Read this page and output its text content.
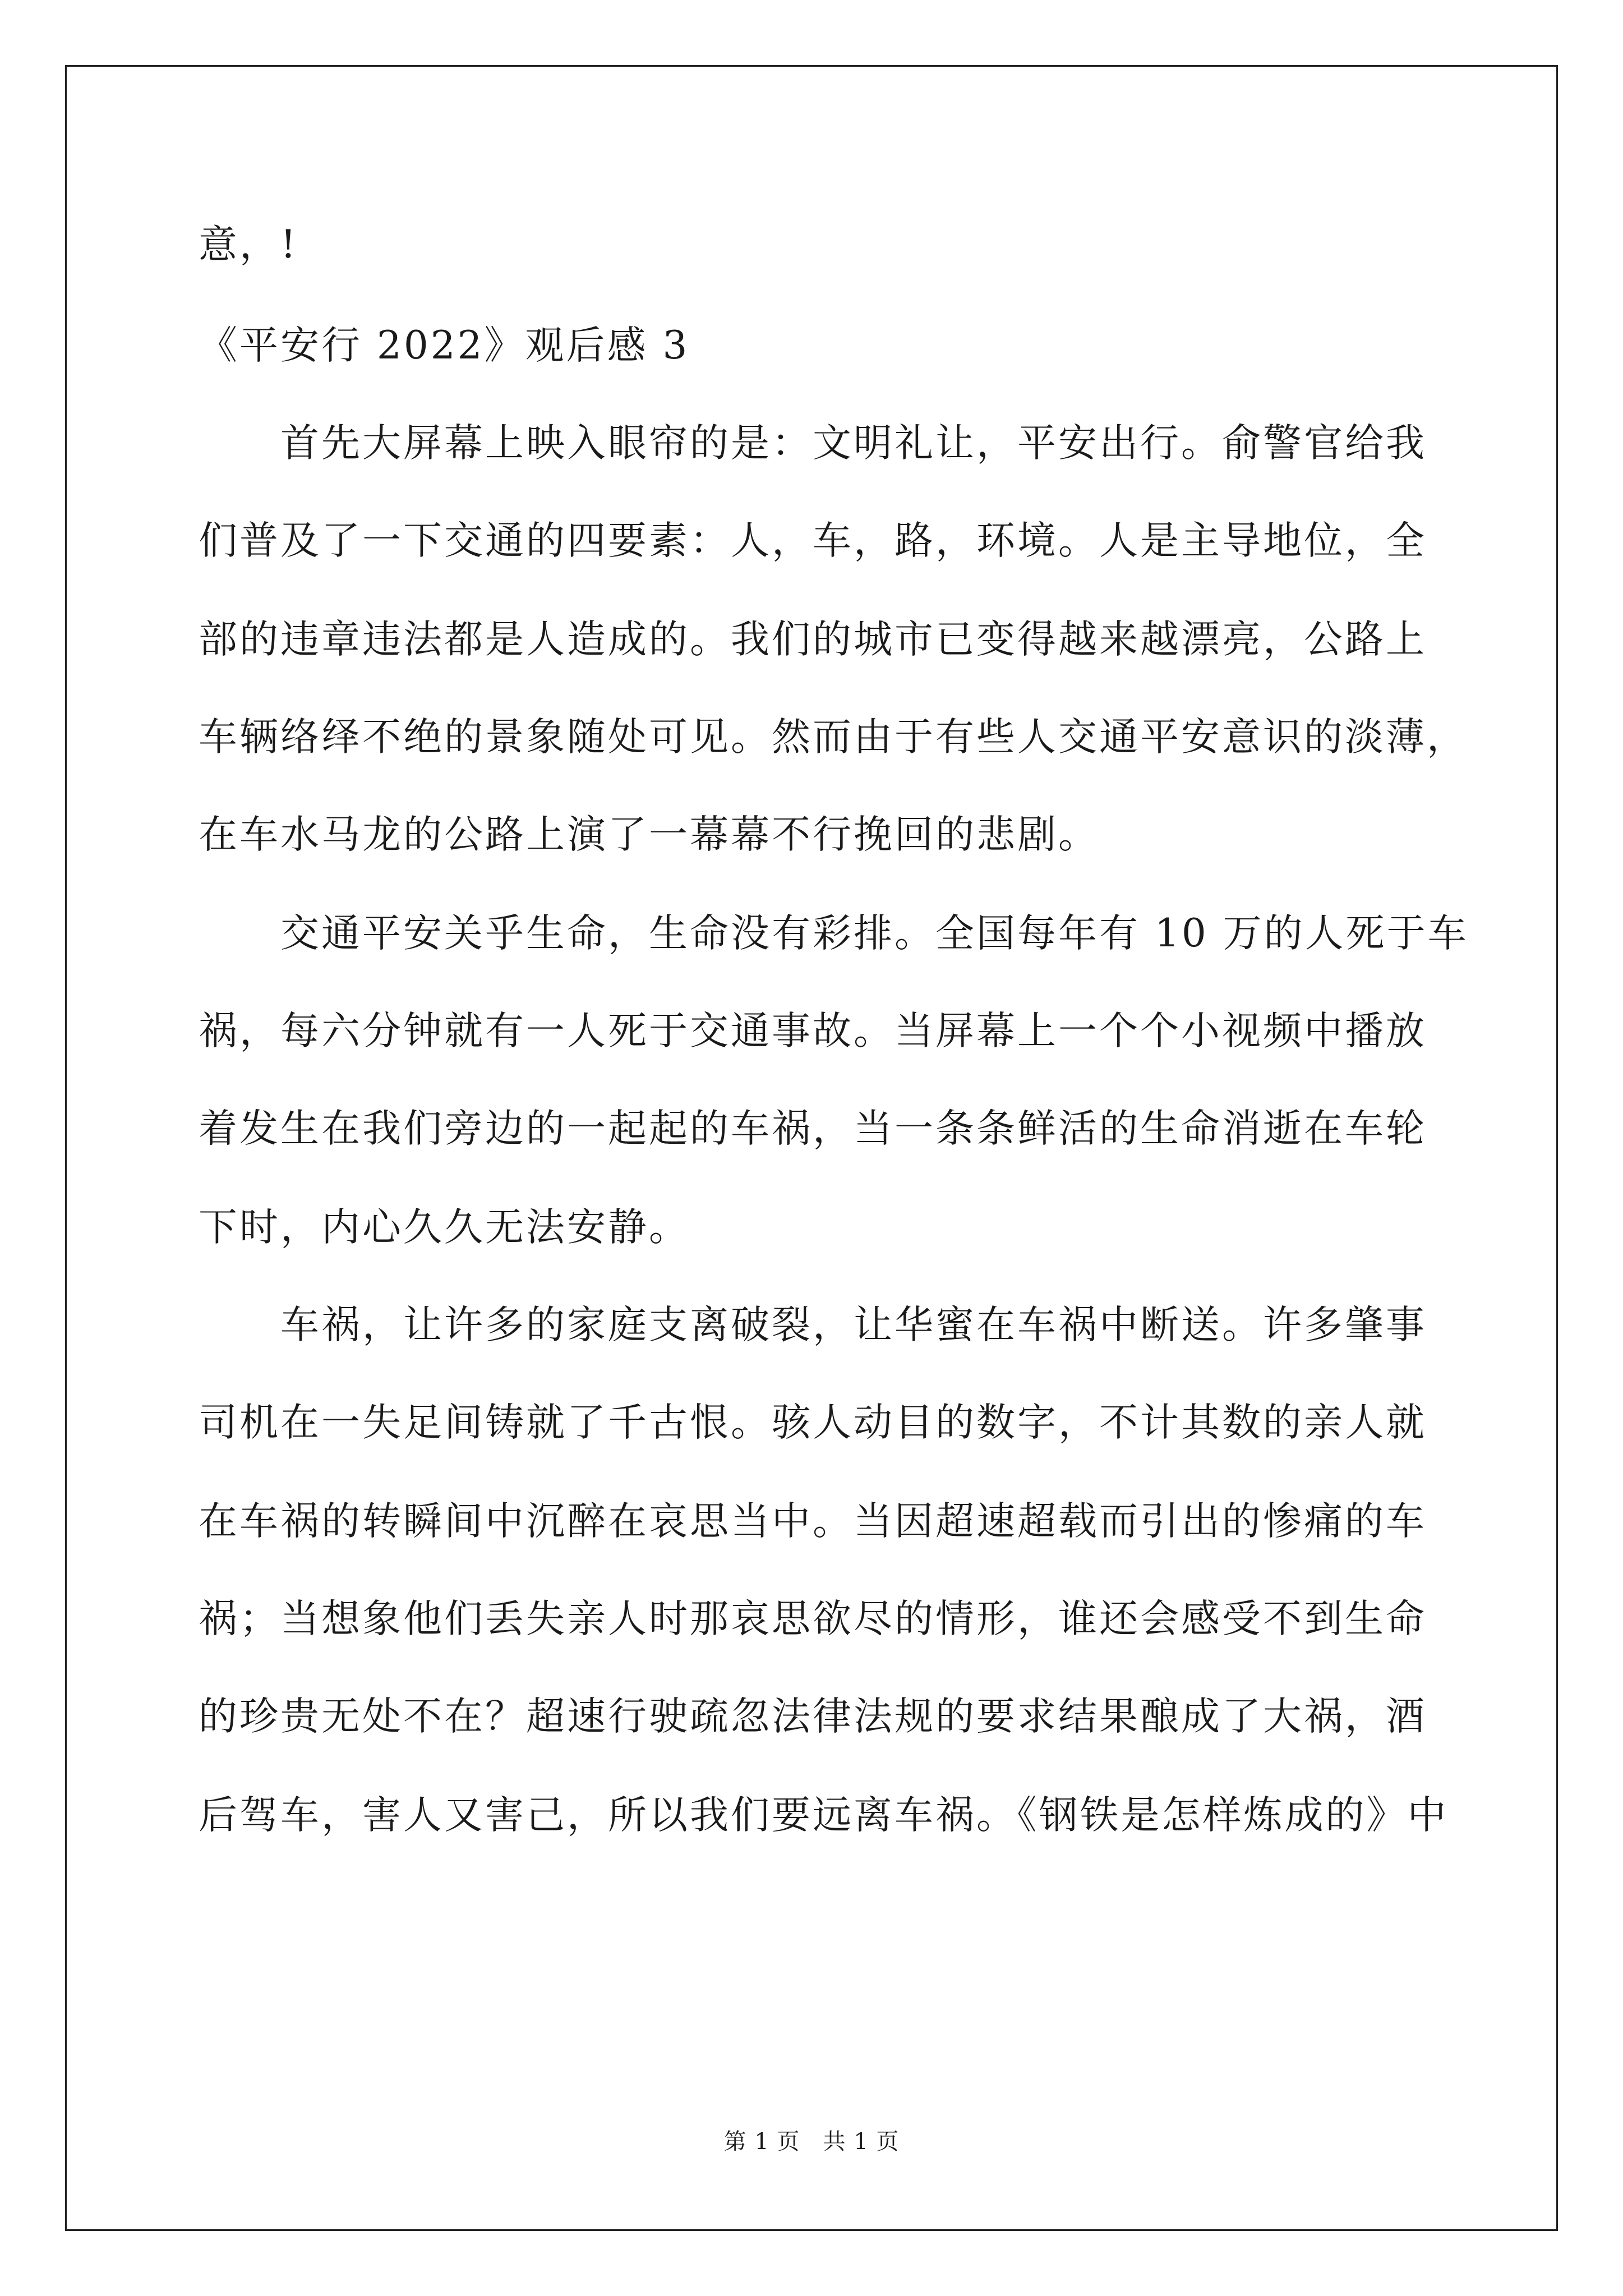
意，!
《平安行 2022》观后感 3
　　首先大屏幕上映入眼帘的是：文明礼让，平安出行。俞警官给我
们普及了一下交通的四要素：人，车，路，环境。人是主导地位，全
部的违章违法都是人造成的。我们的城市已变得越来越漂亮，公路上
车辆络绎不绝的景象随处可见。然而由于有些人交通平安意识的淡薄，
在车水马龙的公路上演了一幕幕不行挽回的悲剧。
　　交通平安关乎生命，生命没有彩排。全国每年有 10 万的人死于车
祸，每六分钟就有一人死于交通事故。当屏幕上一个个小视频中播放
着发生在我们旁边的一起起的车祸，当一条条鲜活的生命消逝在车轮
下时，内心久久无法安静。
　　车祸，让许多的家庭支离破裂，让华蜜在车祸中断送。许多肇事
司机在一失足间铸就了千古恨。骇人动目的数字，不计其数的亲人就
在车祸的转瞬间中沉醉在哀思当中。当因超速超载而引出的惨痛的车
祸；当想象他们丢失亲人时那哀思欲尽的情形，谁还会感受不到生命
的珍贵无处不在？超速行驶疏忽法律法规的要求结果酿成了大祸，酒
后驾车，害人又害己，所以我们要远离车祸。《钢铁是怎样炼成的》中
第 1 页　共 1 页
